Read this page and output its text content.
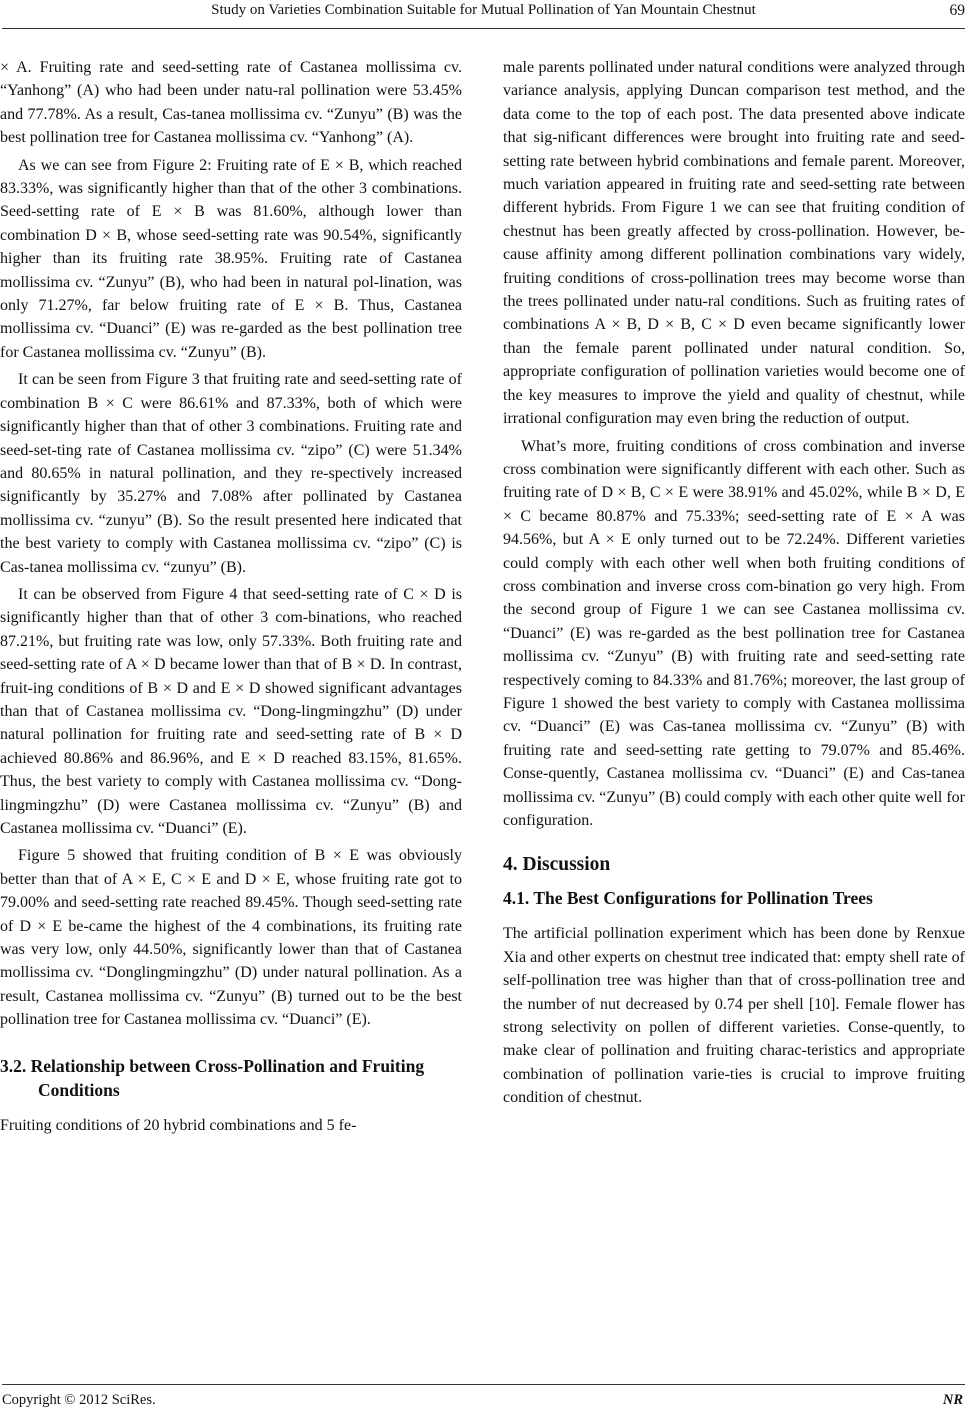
Study on Varieties Combination Suitable for Mutual Pollination of Yan Mountain Chestnut	69

× A. Fruiting rate and seed-setting rate of Castanea mollissima cv. “Yanhong” (A) who had been under natu-ral pollination were 53.45% and 77.78%. As a result, Cas-tanea mollissima cv. “Zunyu” (B) was the best pollination tree for Castanea mollissima cv. “Yanhong” (A).

As we can see from Figure 2: Fruiting rate of E × B, which reached 83.33%, was significantly higher than that of the other 3 combinations. Seed-setting rate of E × B was 81.60%, although lower than combination D × B, whose seed-setting rate was 90.54%, significantly higher than its fruiting rate 38.95%. Fruiting rate of Castanea mollissima cv. “Zunyu” (B), who had been in natural pol-lination, was only 71.27%, far below fruiting rate of E × B. Thus, Castanea mollissima cv. “Duanci” (E) was re-garded as the best pollination tree for Castanea mollissima cv. “Zunyu” (B).

It can be seen from Figure 3 that fruiting rate and seed-setting rate of combination B × C were 86.61% and 87.33%, both of which were significantly higher than that of other 3 combinations. Fruiting rate and seed-set-ting rate of Castanea mollissima cv. “zipo” (C) were 51.34% and 80.65% in natural pollination, and they re-spectively increased significantly by 35.27% and 7.08% after pollinated by Castanea mollissima cv. “zunyu” (B). So the result presented here indicated that the best variety to comply with Castanea mollissima cv. “zipo” (C) is Cas-tanea mollissima cv. “zunyu” (B).

It can be observed from Figure 4 that seed-setting rate of C × D is significantly higher than that of other 3 com-binations, who reached 87.21%, but fruiting rate was low, only 57.33%. Both fruiting rate and seed-setting rate of A × D became lower than that of B × D. In contrast, fruit-ing conditions of B × D and E × D showed significant advantages than that of Castanea mollissima cv. “Dong-lingmingzhu” (D) under natural pollination for fruiting rate and seed-setting rate of B × D achieved 80.86% and 86.96%, and E × D reached 83.15%, 81.65%. Thus, the best variety to comply with Castanea mollissima cv. “Dong-lingmingzhu” (D) were Castanea mollissima cv. “Zunyu” (B) and Castanea mollissima cv. “Duanci” (E).

Figure 5 showed that fruiting condition of B × E was obviously better than that of A × E, C × E and D × E, whose fruiting rate got to 79.00% and seed-setting rate reached 89.45%. Though seed-setting rate of D × E be-came the highest of the 4 combinations, its fruiting rate was very low, only 44.50%, significantly lower than that of Castanea mollissima cv. “Donglingmingzhu” (D) under natural pollination. As a result, Castanea mollissima cv. “Zunyu” (B) turned out to be the best pollination tree for Castanea mollissima cv. “Duanci” (E).

3.2. Relationship between Cross-Pollination and Fruiting Conditions

Fruiting conditions of 20 hybrid combinations and 5 fe-

male parents pollinated under natural conditions were analyzed through variance analysis, applying Duncan comparison test method, and the data come to the top of each post. The data presented above indicate that sig-nificant differences were brought into fruiting rate and seed-setting rate between hybrid combinations and female parent. Moreover, much variation appeared in fruiting rate and seed-setting rate between different hybrids. From Figure 1 we can see that fruiting condition of chestnut has been greatly affected by cross-pollination. However, be-cause affinity among different pollination combinations vary widely, fruiting conditions of cross-pollination trees may become worse than the trees pollinated under natu-ral conditions. Such as fruiting rates of combinations A × B, D × B, C × D even became significantly lower than the female parent pollinated under natural condition. So, appropriate configuration of pollination varieties would become one of the key measures to improve the yield and quality of chestnut, while irrational configuration may even bring the reduction of output.

What’s more, fruiting conditions of cross combination and inverse cross combination were significantly different with each other. Such as fruiting rate of D × B, C × E were 38.91% and 45.02%, while B × D, E × C became 80.87% and 75.33%; seed-setting rate of E × A was 94.56%, but A × E only turned out to be 72.24%. Different varieties could comply with each other well when both fruiting conditions of cross combination and inverse cross com-bination go very high. From the second group of Figure 1 we can see Castanea mollissima cv. “Duanci” (E) was re-garded as the best pollination tree for Castanea mollissima cv. “Zunyu” (B) with fruiting rate and seed-setting rate respectively coming to 84.33% and 81.76%; moreover, the last group of Figure 1 showed the best variety to comply with Castanea mollissima cv. “Duanci” (E) was Cas-tanea mollissima cv. “Zunyu” (B) with fruiting rate and seed-setting rate getting to 79.07% and 85.46%. Conse-quently, Castanea mollissima cv. “Duanci” (E) and Cas-tanea mollissima cv. “Zunyu” (B) could comply with each other quite well for configuration.

4. Discussion
4.1. The Best Configurations for Pollination Trees

The artificial pollination experiment which has been done by Renxue Xia and other experts on chestnut tree indicated that: empty shell rate of self-pollination tree was higher than that of cross-pollination tree and the number of nut decreased by 0.74 per shell [10]. Female flower has strong selectivity on pollen of different varieties. Conse-quently, to make clear of pollination and fruiting charac-teristics and appropriate combination of pollination varie-ties is crucial to improve fruiting condition of chestnut.

Copyright © 2012 SciRes.	NR
